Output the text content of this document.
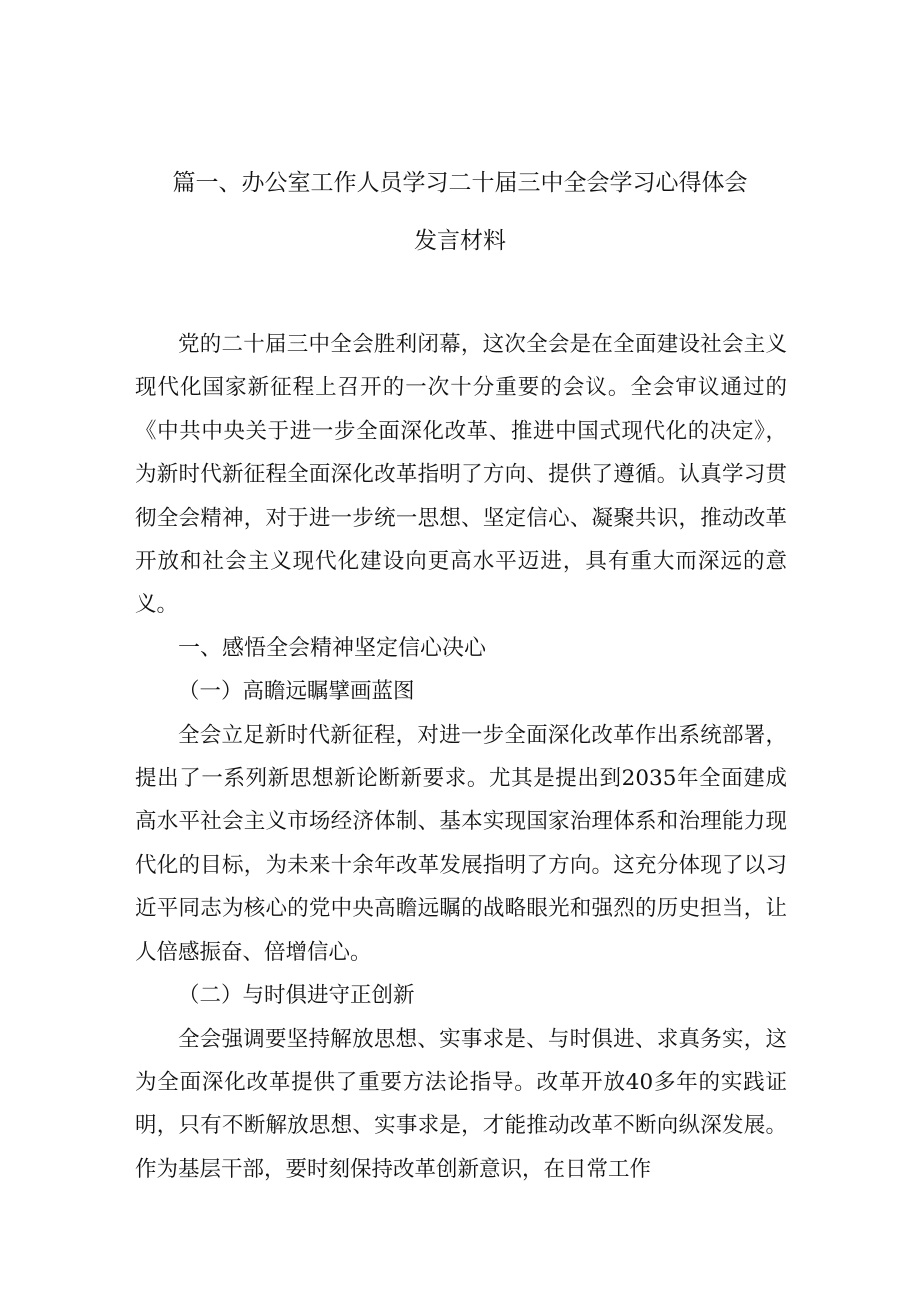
篇一、办公室工作人员学习二十届三中全会学习心得体会
发言材料

党的二十届三中全会胜利闭幕，这次全会是在全面建设社会主义现代化国家新征程上召开的一次十分重要的会议。全会审议通过的《中共中央关于进一步全面深化改革、推进中国式现代化的决定》，为新时代新征程全面深化改革指明了方向、提供了遵循。认真学习贯彻全会精神，对于进一步统一思想、坚定信心、凝聚共识，推动改革开放和社会主义现代化建设向更高水平迈进，具有重大而深远的意义。

一、感悟全会精神坚定信心决心

（一）高瞻远瞩擘画蓝图

全会立足新时代新征程，对进一步全面深化改革作出系统部署，提出了一系列新思想新论断新要求。尤其是提出到2035年全面建成高水平社会主义市场经济体制、基本实现国家治理体系和治理能力现代化的目标，为未来十余年改革发展指明了方向。这充分体现了以习近平同志为核心的党中央高瞻远瞩的战略眼光和强烈的历史担当，让人倍感振奋、倍增信心。

（二）与时俱进守正创新

全会强调要坚持解放思想、实事求是、与时俱进、求真务实，这为全面深化改革提供了重要方法论指导。改革开放40多年的实践证明，只有不断解放思想、实事求是，才能推动改革不断向纵深发展。作为基层干部，要时刻保持改革创新意识，在日常工作
